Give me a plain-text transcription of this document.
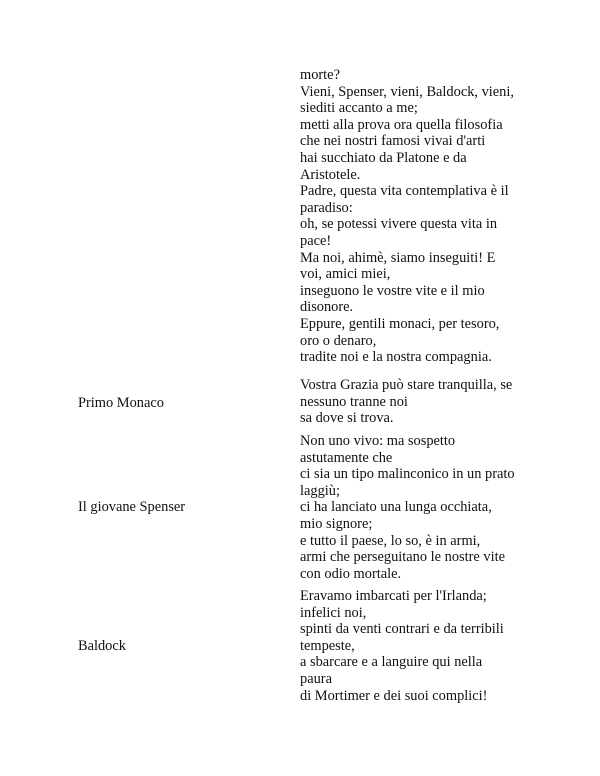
morte?
Vieni, Spenser, vieni, Baldock, vieni,
siediti accanto a me;
metti alla prova ora quella filosofia
che nei nostri famosi vivai d'arti
hai succhiato da Platone e da
Aristotele.
Padre, questa vita contemplativa è il
paradiso:
oh, se potessi vivere questa vita in
pace!
Ma noi, ahimè, siamo inseguiti! E
voi, amici miei,
inseguono le vostre vite e il mio
disonore.
Eppure, gentili monaci, per tesoro,
oro o denaro,
tradite noi e la nostra compagnia.
Primo Monaco
Vostra Grazia può stare tranquilla, se
nessuno tranne noi
sa dove si trova.
Il giovane Spenser
Non uno vivo: ma sospetto
astutamente che
ci sia un tipo malinconico in un prato
laggiù;
ci ha lanciato una lunga occhiata,
mio signore;
e tutto il paese, lo so, è in armi,
armi che perseguitano le nostre vite
con odio mortale.
Baldock
Eravamo imbarcati per l'Irlanda;
infelici noi,
spinti da venti contrari e da terribili
tempeste,
a sbarcare e a languire qui nella
paura
di Mortimer e dei suoi complici!
